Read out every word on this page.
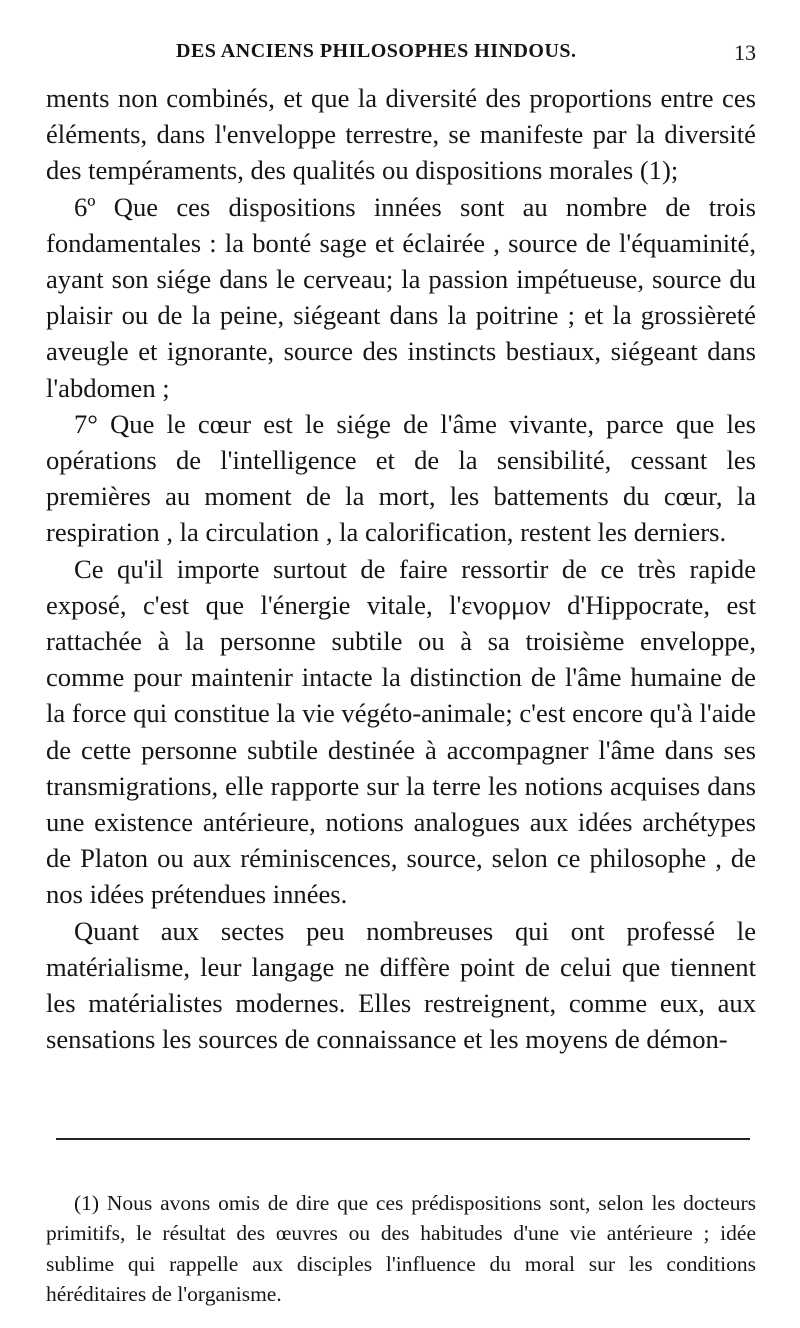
DES ANCIENS PHILOSOPHES HINDOUS.	13

ments non combinés, et que la diversité des proportions entre ces éléments, dans l'enveloppe terrestre, se manifeste par la diversité des tempéraments, des qualités ou dispositions morales (1);

6º Que ces dispositions innées sont au nombre de trois fondamentales : la bonté sage et éclairée , source de l'équaminité, ayant son siége dans le cerveau; la passion impétueuse, source du plaisir ou de la peine, siégeant dans la poitrine ; et la grossièreté aveugle et ignorante, source des instincts bestiaux, siégeant dans l'abdomen ;

7° Que le cœur est le siége de l'âme vivante, parce que les opérations de l'intelligence et de la sensibilité, cessant les premières au moment de la mort, les battements du cœur, la respiration , la circulation , la calorification, restent les derniers.

Ce qu'il importe surtout de faire ressortir de ce très rapide exposé, c'est que l'énergie vitale, l'ενορμον d'Hippocrate, est rattachée à la personne subtile ou à sa troisième enveloppe, comme pour maintenir intacte la distinction de l'âme humaine de la force qui constitue la vie végéto-animale; c'est encore qu'à l'aide de cette personne subtile destinée à accompagner l'âme dans ses transmigrations, elle rapporte sur la terre les notions acquises dans une existence antérieure, notions analogues aux idées archétypes de Platon ou aux réminiscences, source, selon ce philosophe , de nos idées prétendues innées.

Quant aux sectes peu nombreuses qui ont professé le matérialisme, leur langage ne diffère point de celui que tiennent les matérialistes modernes. Elles restreignent, comme eux, aux sensations les sources de connaissance et les moyens de démon-

(1) Nous avons omis de dire que ces prédispositions sont, selon les docteurs primitifs, le résultat des œuvres ou des habitudes d'une vie antérieure ; idée sublime qui rappelle aux disciples l'influence du moral sur les conditions héréditaires de l'organisme.
